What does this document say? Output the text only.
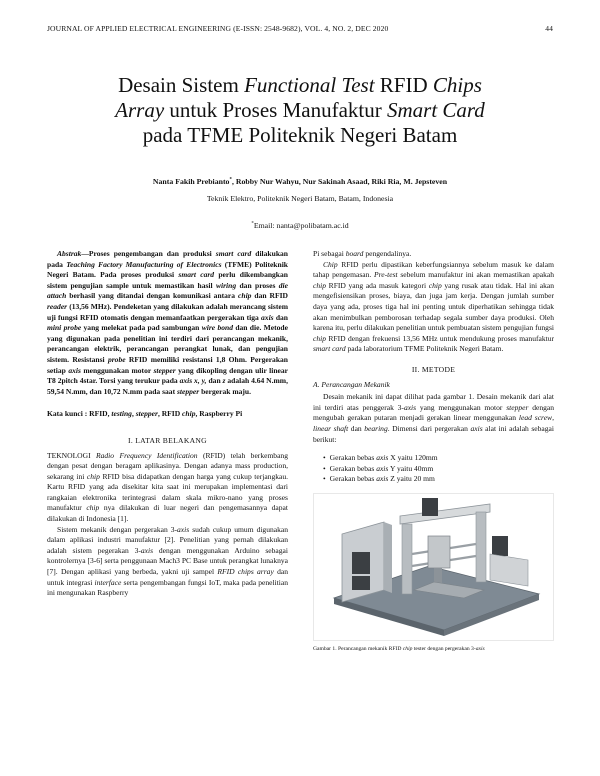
JOURNAL OF APPLIED ELECTRICAL ENGINEERING (E-ISSN: 2548-9682), VOL. 4, NO. 2, DEC 2020	44
Desain Sistem Functional Test RFID Chips
Array untuk Proses Manufaktur Smart Card
pada TFME Politeknik Negeri Batam
Nanta Fakih Prebianto*, Robby Nur Wahyu, Nur Sakinah Asaad, Riki Ria, M. Jepsteven
Teknik Elektro, Politeknik Negeri Batam, Batam, Indonesia
*Email: nanta@polibatam.ac.id

Abstrak—Proses pengembangan dan produksi smart card dilakukan pada Teaching Factory Manufacturing of Electronics (TFME) Politeknik Negeri Batam. Pada proses produksi smart card perlu dikembangkan sistem pengujian sample untuk memastikan hasil wiring dan proses die attach berhasil yang ditandai dengan komunikasi antara chip dan RFID reader (13,56 MHz). Pendeketan yang dilakukan adalah merancang sistem uji fungsi RFID otomatis dengan memanfaatkan pergerakan tiga axis dan mini probe yang melekat pada pad sambungan wire bond dan die. Metode yang digunakan pada penelitian ini terdiri dari perancangan mekanik, perancangan elektrik, perancangan perangkat lunak, dan pengujian sistem. Resistansi probe RFID memiliki resistansi 1,8 Ohm. Pergerakan setiap axis menggunakan motor stepper yang dikopling dengan ulir linear T8 2pitch 4star. Torsi yang terukur pada axis x, y, dan z adalah 4.64 N.mm, 59,54 N.mm, dan 10,72 N.mm pada saat stepper bergerak maju.

Kata kunci : RFID, testing, stepper, RFID chip, Raspberry Pi

I. LATAR BELAKANG

TEKNOLOGI Radio Frequency Identification (RFID) telah berkembang dengan pesat dengan beragam aplikasinya. Dengan adanya mass production, sekarang ini chip RFID bisa didapatkan dengan harga yang cukup terjangkau. Kartu RFID yang ada disekitar kita saat ini merupakan implementasi dari rangkaian elektronika terintegrasi dalam skala mikro-nano yang proses manufaktur chip nya dilakukan di luar negeri dan pengemasannya dapat dilakukan di Indonesia [1].

Sistem mekanik dengan pergerakan 3-axis sudah cukup umum digunakan dalam aplikasi industri manufaktur [2]. Penelitian yang pernah dilakukan adalah sistem pegerakan 3-axis dengan menggunakan Arduino sebagai kontrolernya [3-6] serta penggunaan Mach3 PC Base untuk perangkat lunaknya [7]. Dengan aplikasi yang berbeda, yakni uji sampel RFID chips array dan untuk integrasi interface serta pengembangan fungsi IoT, maka pada penelitian ini mengunakan Raspberry

Pi sebagai board pengendalinya.

Chip RFID perlu dipastikan keberfungsiannya sebelum masuk ke dalam tahap pengemasan. Pre-test sebelum manufaktur ini akan memastikan apakah chip RFID yang ada masuk kategori chip yang rusak atau tidak. Hal ini akan mengefisiensikan proses, biaya, dan juga jam kerja. Dengan jumlah sumber daya yang ada, proses tiga hal ini penting untuk diperhatikan sehingga tidak akan menimbulkan pemborosan terhadap segala sumber daya produksi. Oleh karena itu, perlu dilakukan penelitian untuk pembuatan sistem pengujian fungsi chip RFID dengan frekuensi 13,56 MHz untuk mendukung proses manufaktur smart card pada laboratorium TFME Politeknik Negeri Batam.

II. METODE
A. Perancangan Mekanik

Desain mekanik ini dapat dilihat pada gambar 1. Desain mekanik dari alat ini terdiri atas penggerak 3-axis yang menggunakan motor stepper dengan mengubah gerakan putaran menjadi gerakan linear menggunakan lead screw, linear shaft dan bearing. Dimensi dari pergerakan axis alat ini adalah sebagai berikut:

• Gerakan bebas axis X yaitu 120mm
• Gerakan bebas axis Y yaitu 40mm
• Gerakan bebas axis Z yaitu 20 mm
Gambar 1. Perancangan mekanik RFID chip tester dengan pergerakan 3-axis
